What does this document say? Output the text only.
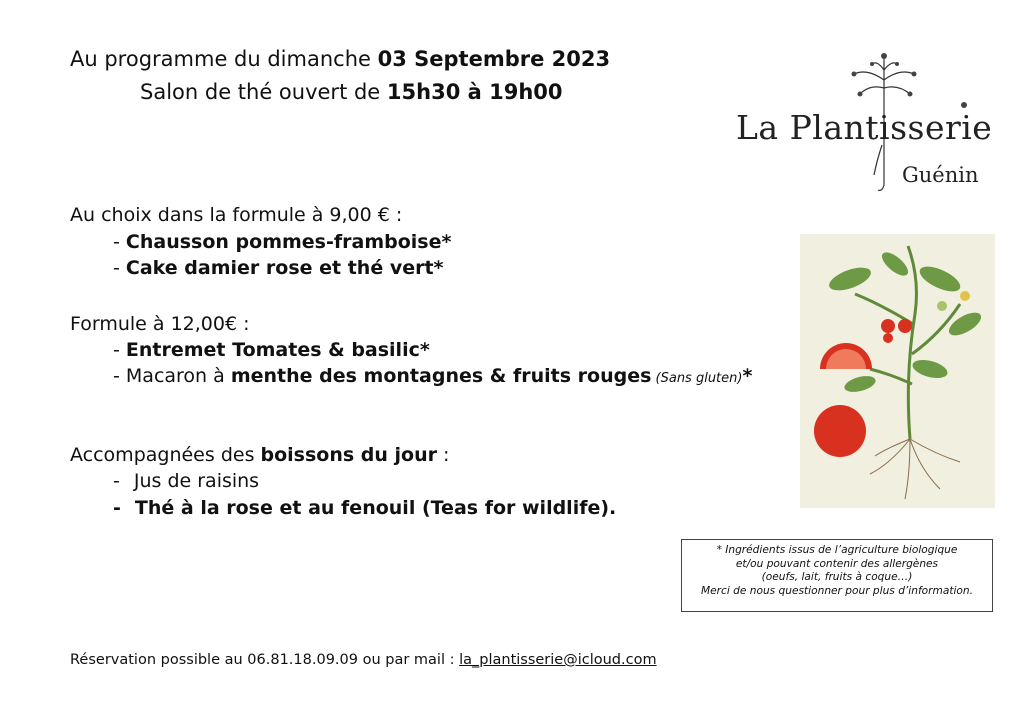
Au programme du dimanche 03 Septembre 2023
Salon de thé ouvert de 15h30 à 19h00
La Plantisserie
Guénin
Au choix dans la formule à 9,00 € :
- Chausson pommes-framboise*
- Cake damier rose et thé vert*
Formule à 12,00€ :
- Entremet Tomates & basilic*
- Macaron à menthe des montagnes & fruits rouges (Sans gluten)*
Accompagnées des boissons du jour :
- Jus de raisins
- Thé à la rose et au fenouil (Teas for wildlife).
* Ingrédients issus de l’agriculture biologique
et/ou pouvant contenir des allergènes
(oeufs, lait, fruits à coque…)
Merci de nous questionner pour plus d’information.
Réservation possible au 06.81.18.09.09 ou par mail : la_plantisserie@icloud.com
